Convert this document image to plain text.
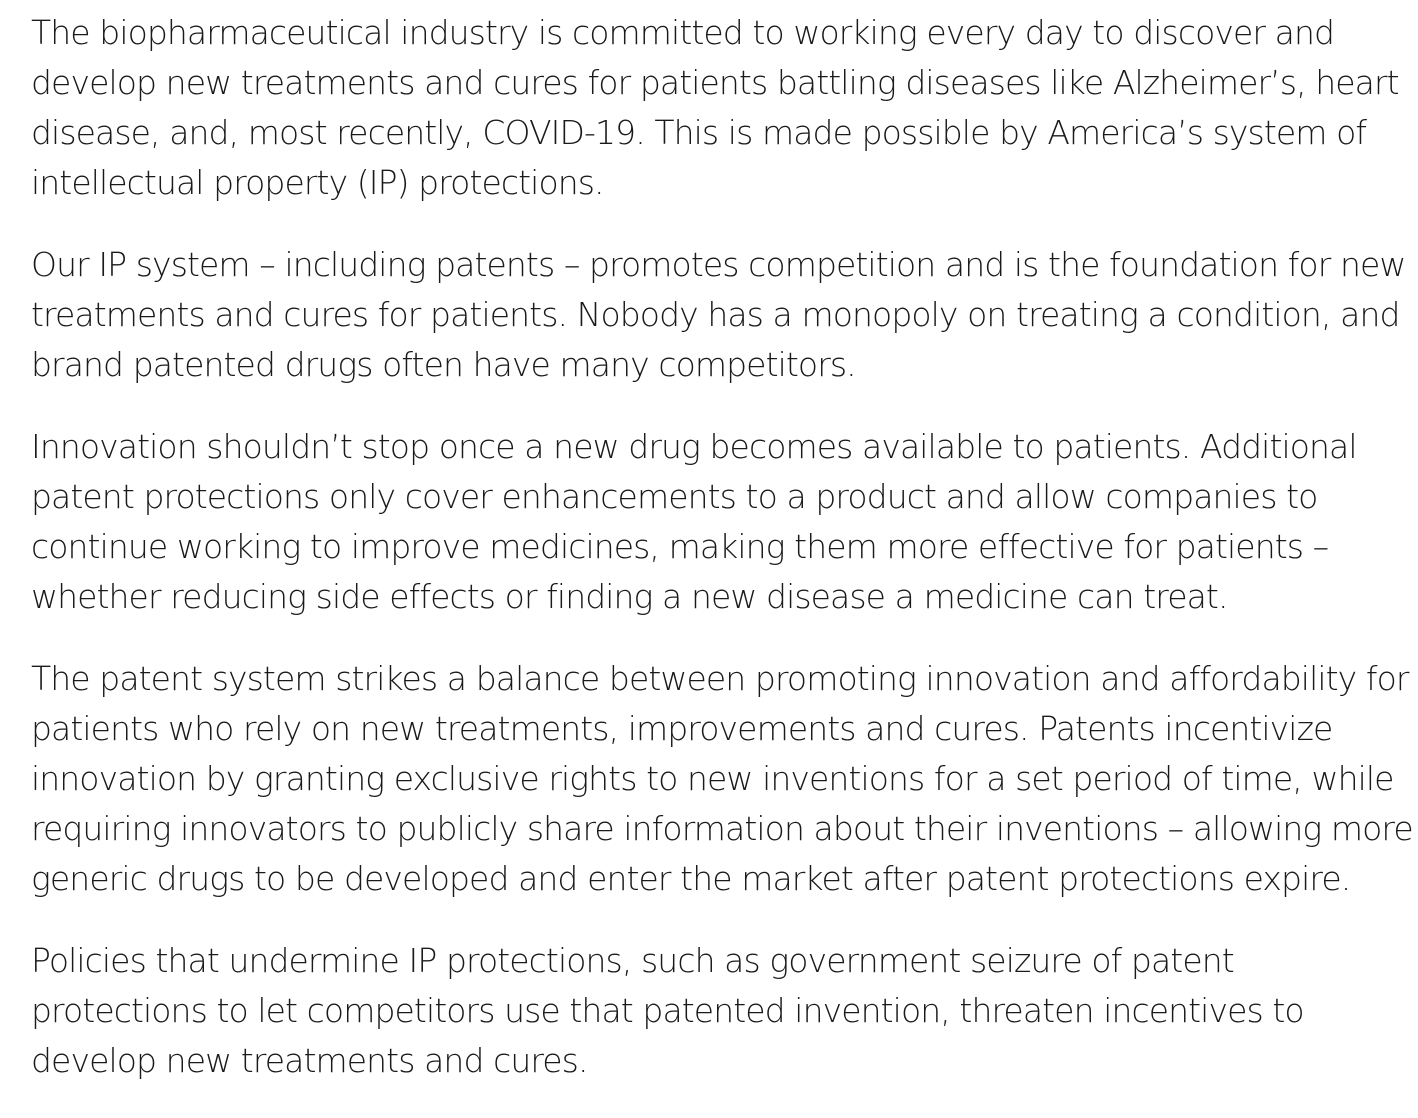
The biopharmaceutical industry is committed to working every day to discover and develop new treatments and cures for patients battling diseases like Alzheimer’s, heart disease, and, most recently, COVID-19. This is made possible by America’s system of intellectual property (IP) protections.

Our IP system – including patents – promotes competition and is the foundation for new treatments and cures for patients. Nobody has a monopoly on treating a condition, and brand patented drugs often have many competitors.

Innovation shouldn’t stop once a new drug becomes available to patients. Additional patent protections only cover enhancements to a product and allow companies to continue working to improve medicines, making them more effective for patients – whether reducing side effects or finding a new disease a medicine can treat.

The patent system strikes a balance between promoting innovation and affordability for patients who rely on new treatments, improvements and cures. Patents incentivize innovation by granting exclusive rights to new inventions for a set period of time, while requiring innovators to publicly share information about their inventions – allowing more generic drugs to be developed and enter the market after patent protections expire.

Policies that undermine IP protections, such as government seizure of patent protections to let competitors use that patented invention, threaten incentives to develop new treatments and cures.
